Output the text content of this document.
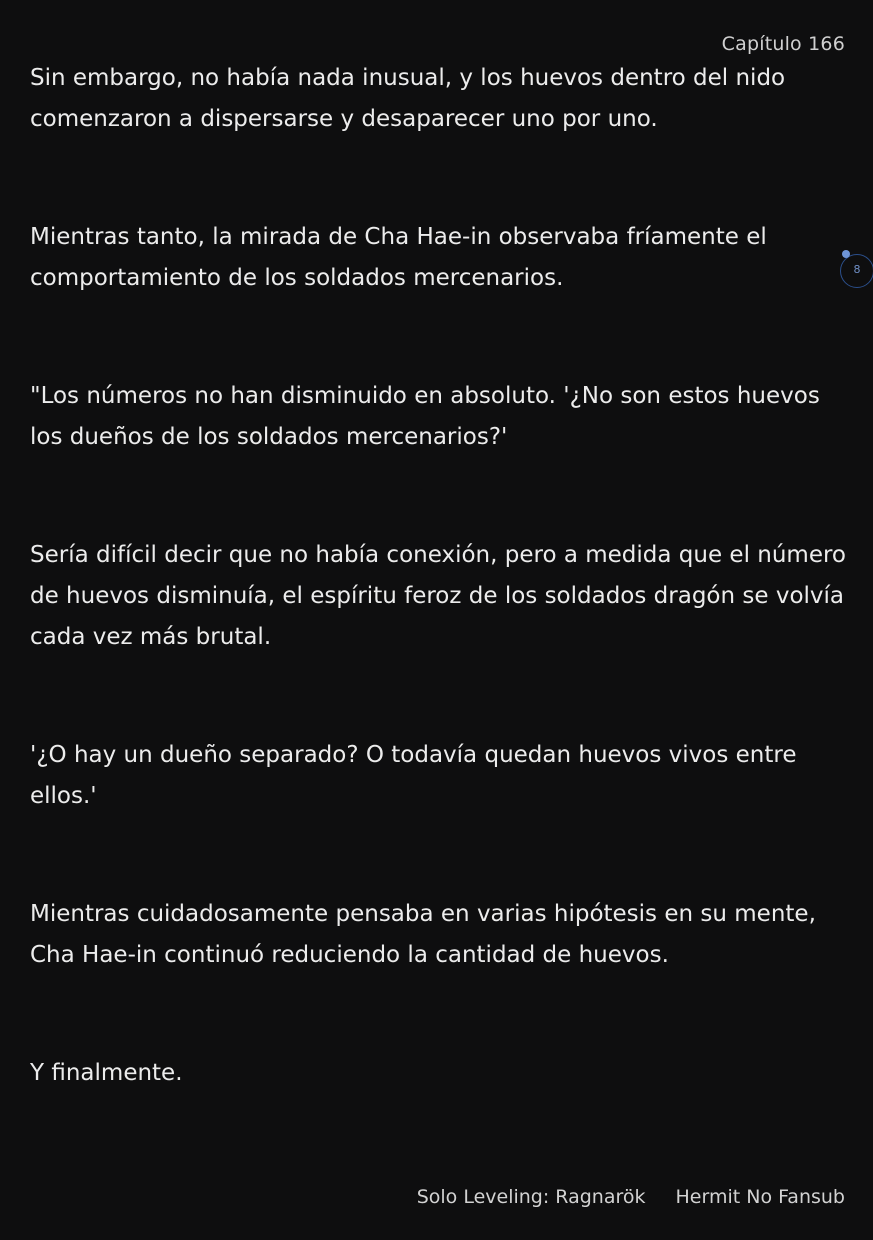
Capítulo 166

Sin embargo, no había nada inusual, y los huevos dentro del nido comenzaron a dispersarse y desaparecer uno por uno.

Mientras tanto, la mirada de Cha Hae-in observaba fríamente el comportamiento de los soldados mercenarios.

"Los números no han disminuido en absoluto. '¿No son estos huevos los dueños de los soldados mercenarios?'

Sería difícil decir que no había conexión, pero a medida que el número de huevos disminuía, el espíritu feroz de los soldados dragón se volvía cada vez más brutal.

'¿O hay un dueño separado? O todavía quedan huevos vivos entre ellos.'

Mientras cuidadosamente pensaba en varias hipótesis en su mente, Cha Hae-in continuó reduciendo la cantidad de huevos.

Y finalmente.

8
Solo Leveling: Ragnarök Hermit No Fansub
